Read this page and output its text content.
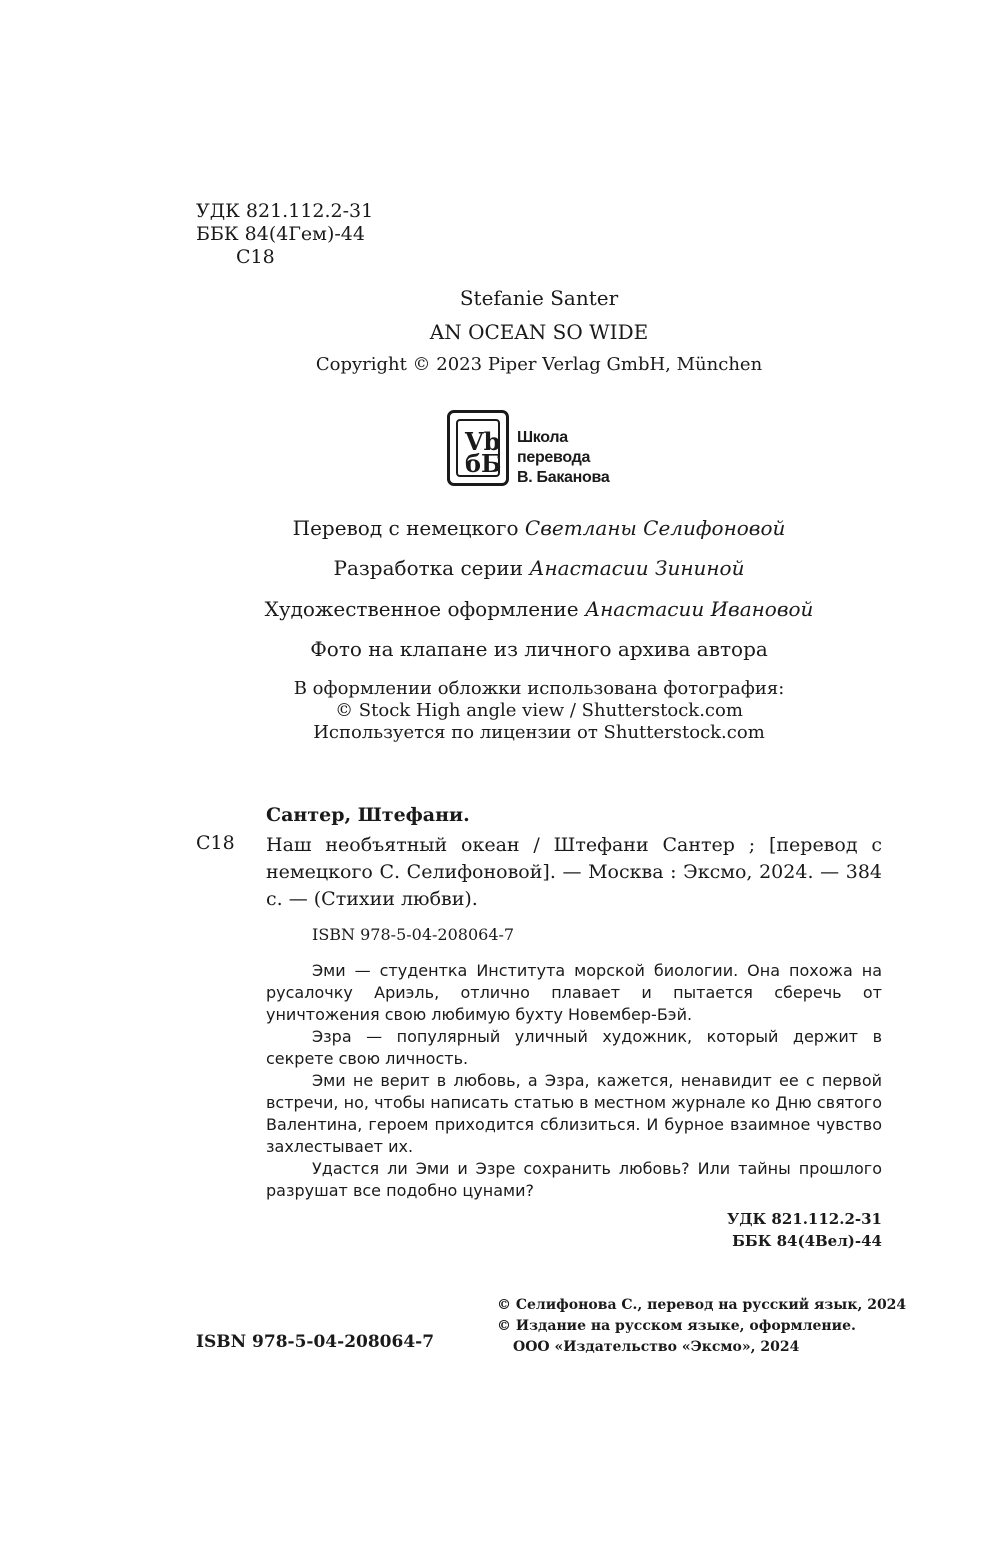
УДК 821.112.2-31
ББК 84(4Гем)-44
С18
Stefanie Santer
AN OCEAN SO WIDE
Copyright © 2023 Piper Verlag GmbH, München
Vb
бБ
Школа перевода
В. Баканова
Перевод с немецкого Светланы Селифоновой
Разработка серии Анастасии Зининой
Художественное оформление Анастасии Ивановой
Фото на клапане из личного архива автора
В оформлении обложки использована фотография:
© Stock High angle view / Shutterstock.com
Используется по лицензии от Shutterstock.com
Сантер, Штефани.
С18 Наш необъятный океан / Штефани Сантер ; [перевод с немецкого С. Селифоновой]. — Москва : Эксмо, 2024. — 384 с. — (Стихии любви).
ISBN 978-5-04-208064-7

Эми — студентка Института морской биологии. Она похожа на русалочку Ариэль, отлично плавает и пытается сберечь от уничтожения свою любимую бухту Новембер-Бэй.

Эзра — популярный уличный художник, который держит в секрете свою личность.

Эми не верит в любовь, а Эзра, кажется, ненавидит ее с первой встречи, но, чтобы написать статью в местном журнале ко Дню святого Валентина, героем приходится сблизиться. И бурное взаимное чувство захлестывает их.

Удастся ли Эми и Эзре сохранить любовь? Или тайны прошлого разрушат все подобно цунами?

УДК 821.112.2-31
ББК 84(4Вел)-44
© Селифонова С., перевод на русский язык, 2024
© Издание на русском языке, оформление.
ООО «Издательство «Эксмо», 2024
ISBN 978-5-04-208064-7
